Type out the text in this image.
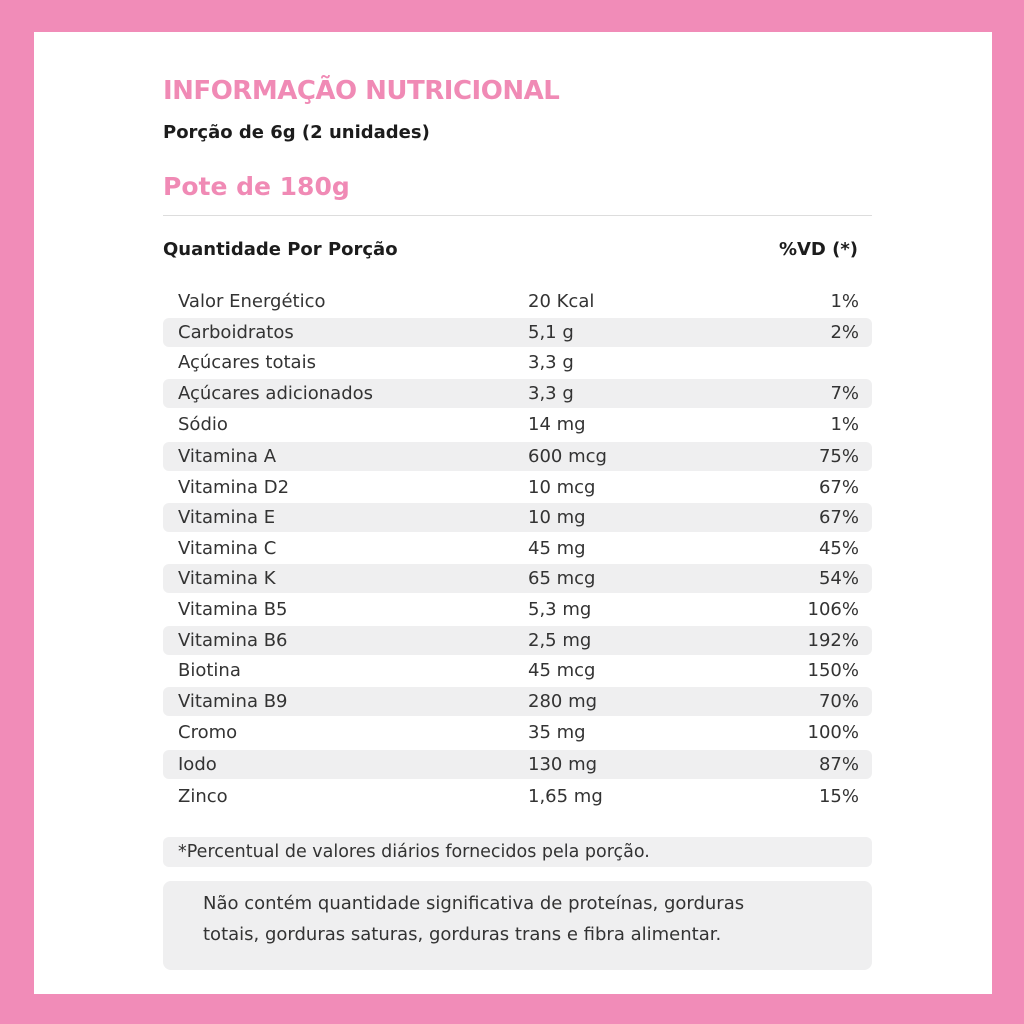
INFORMAÇÃO NUTRICIONAL
Porção de 6g (2 unidades)
Pote de 180g
Quantidade Por Porção	%VD (*)
Valor Energético	20 Kcal	1%
Carboidratos	5,1 g	2%
Açúcares totais	3,3 g
Açúcares adicionados	3,3 g	7%
Sódio	14 mg	1%
Vitamina A	600 mcg	75%
Vitamina D2	10 mcg	67%
Vitamina E	10 mg	67%
Vitamina C	45 mg	45%
Vitamina K	65 mcg	54%
Vitamina B5	5,3 mg	106%
Vitamina B6	2,5 mg	192%
Biotina	45 mcg	150%
Vitamina B9	280 mg	70%
Cromo	35 mg	100%
Iodo	130 mg	87%
Zinco	1,65 mg	15%
*Percentual de valores diários fornecidos pela porção.
Não contém quantidade significativa de proteínas, gorduras
totais, gorduras saturas, gorduras trans e fibra alimentar.
